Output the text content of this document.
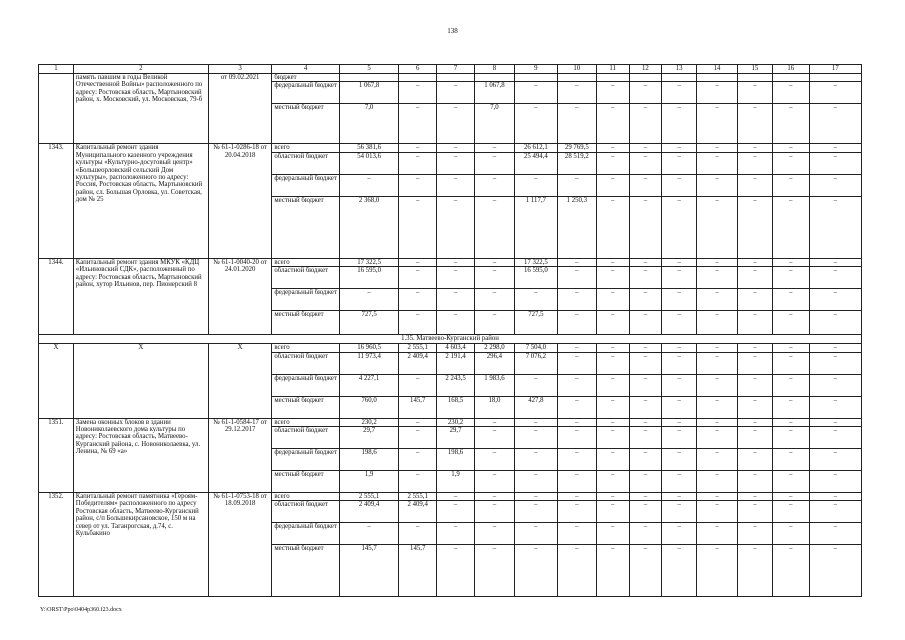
138
1	2	3	4	5	6	7	8	9	10	11	12	13	14	15	16	17
	память павшим в годы Великой Отечественной Войны» расположенного по адресу: Ростовская область, Мартыновский район, х. Московский, ул. Московская, 79-б	от 09.02.2021	бюджет													
			федеральный бюджет	1 067,8	–	–	1 067,8	–	–	–	–	–	–	–	–	–
			местный бюджет	7,0	–	–	7,0	–	–	–	–	–	–	–	–	–
1343.	Капитальный ремонт здания Муниципального казенного учреждения культуры «Культурно-досуговый центр» «Большеорловский сельский Дом культуры», расположенного по адресу: Россия, Ростовская область, Мартыновский район, сл. Большая Орловка, ул. Советская, дом № 25	№ 61-1-0286-18 от 20.04.2018	всего	56 381,6	–	–	–	26 612,1	29 769,5	–	–	–	–	–	–	–
			областной бюджет	54 013,6	–	–	–	25 494,4	28 519,2	–	–	–	–	–	–	–
			федеральный бюджет	–	–	–	–	–	–	–	–	–	–	–	–	–
			местный бюджет	2 368,0	–	–	–	1 117,7	1 250,3	–	–	–	–	–	–	–
1344.	Капитальный ремонт здания МКУК «КДЦ «Ильиновский СДК», расположенный по адресу: Ростовская область, Мартыновский район, хутор Ильинов, пер. Пионерский 8	№ 61-1-0040-20 от 24.01.2020	всего	17 322,5	–	–	–	17 322,5	–	–	–	–	–	–	–	–
			областной бюджет	16 595,0	–	–	–	16 595,0	–	–	–	–	–	–	–	–
			федеральный бюджет	–	–	–	–	–	–	–	–	–	–	–	–	–
			местный бюджет	727,5	–	–	–	727,5	–	–	–	–	–	–	–	–
1.35. Матвеево-Курганский район																
Х	Х	Х	всего	16 960,5	2 555,1	4 603,4	2 298,0	7 504,0	–	–	–	–	–	–	–	–
			областной бюджет	11 973,4	2 409,4	2 191,4	296,4	7 076,2	–	–	–	–	–	–	–	–
			федеральный бюджет	4 227,1	–	2 243,5	1 983,6	–	–	–	–	–	–	–	–	–
			местный бюджет	760,0	145,7	168,5	18,0	427,8	–	–	–	–	–	–	–	–
1351.	Замена оконных блоков в здании Новониколаевского дома культуры по адресу: Ростовская область, Матвеево-Курганский района, с. Новониколаевка, ул. Ленина, № 69 «а»	№ 61-1-0584-17 от 29.12.2017	всего	230,2	–	230,2	–	–	–	–	–	–	–	–	–	–
			областной бюджет	29,7	–	29,7	–	–	–	–	–	–	–	–	–	–
			федеральный бюджет	198,6	–	198,6	–	–	–	–	–	–	–	–	–	–
			местный бюджет	1,9	–	1,9	–	–	–	–	–	–	–	–	–	–
1352.	Капитальный ремонт памятника «Героям-Победителям» расположенного по адресу Ростовская область, Матвеево-Курганский район, с/п Большекирсановское, 150 м на север от ул. Таганрогская, д.74, с. Кульбакино	№ 61-1-0753-18 от 18.09.2018	всего	2 555,1	2 555,1	–	–	–	–	–	–	–	–	–	–	–
			областной бюджет	2 409,4	2 409,4	–	–	–	–	–	–	–	–	–	–	–
			федеральный бюджет	–	–	–	–	–	–	–	–	–	–	–	–	–
			местный бюджет	145,7	145,7	–	–	–	–	–	–	–	–	–	–	–
Y:\ORST\Ppo\0404p360.f23.docx
